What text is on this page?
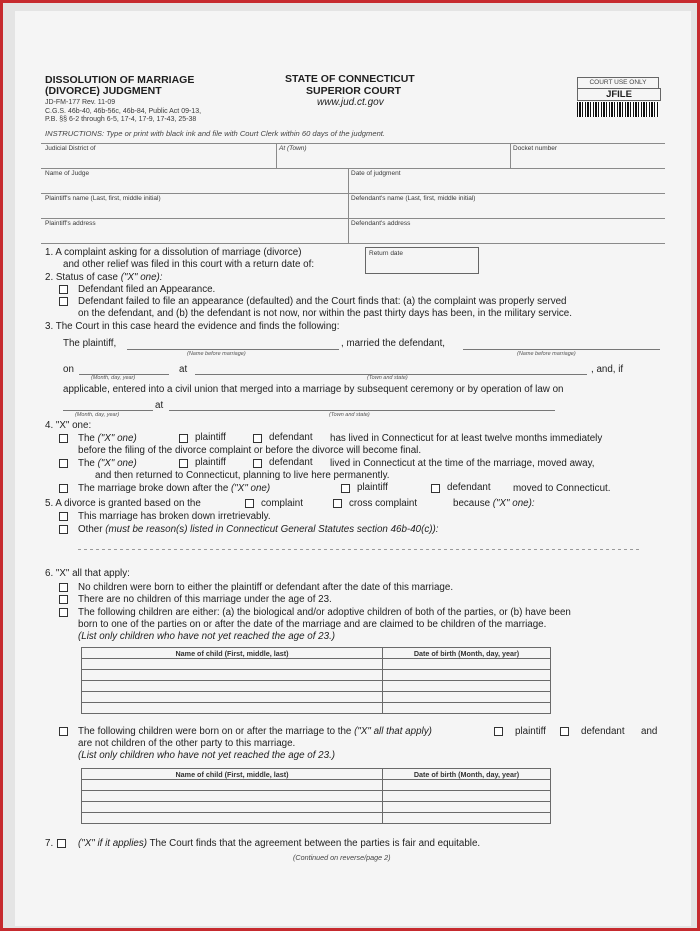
DISSOLUTION OF MARRIAGE
(DIVORCE) JUDGMENT
JD-FM-177 Rev. 11-09
C.G.S. 46b-40, 46b-56c, 46b-84, Public Act 09-13,
P.B. §§ 6-2 through 6-5, 17-4, 17-9, 17-43, 25-38
STATE OF CONNECTICUT
SUPERIOR COURT
www.jud.ct.gov
COURT USE ONLY
JFILE
INSTRUCTIONS: Type or print with black ink and file with Court Clerk within 60 days of the judgment.
Judicial District of	At (Town)	Docket number
Name of Judge	Date of judgment
Plaintiff's name (Last, first, middle initial)	Defendant's name (Last, first, middle initial)
Plaintiff's address	Defendant's address
1. A complaint asking for a dissolution of marriage (divorce)
and other relief was filed in this court with a return date of:
Return date
2. Status of case ("X" one):
Defendant filed an Appearance.
Defendant failed to file an appearance (defaulted) and the Court finds that: (a) the complaint was properly served
on the defendant, and (b) the defendant is not now, nor within the past thirty days has been, in the military service.
3. The Court in this case heard the evidence and finds the following:
The plaintiff,	, married the defendant,
(Name before marriage)	(Name before marriage)
on	at	, and, if
(Month, day, year)	(Town and state)
applicable, entered into a civil union that merged into a marriage by subsequent ceremony or by operation of law on
at
(Month, day, year)	(Town and state)
4. "X" one:
The ("X" one)	plaintiff	defendant has lived in Connecticut for at least twelve months immediately
before the filing of the divorce complaint or before the divorce will become final.
The ("X" one)	plaintiff	defendant lived in Connecticut at the time of the marriage, moved away,
and then returned to Connecticut, planning to live here permanently.
The marriage broke down after the ("X" one)	plaintiff	defendant moved to Connecticut.
5. A divorce is granted based on the	complaint	cross complaint	because ("X" one):
This marriage has broken down irretrievably.
Other (must be reason(s) listed in Connecticut General Statutes section 46b-40(c)):
6. "X" all that apply:
No children were born to either the plaintiff or defendant after the date of this marriage.
There are no children of this marriage under the age of 23.
The following children are either: (a) the biological and/or adoptive children of both of the parties, or (b) have been
born to one of the parties on or after the date of the marriage and are claimed to be children of the marriage.
(List only children who have not yet reached the age of 23.)
Name of child (First, middle, last)	Date of birth (Month, day, year)

The following children were born on or after the marriage to the ("X" all that apply)	plaintiff	defendant and
are not children of the other party to this marriage.
(List only children who have not yet reached the age of 23.)
Name of child (First, middle, last)	Date of birth (Month, day, year)

7.	("X" if it applies) The Court finds that the agreement between the parties is fair and equitable.
(Continued on reverse/page 2)
